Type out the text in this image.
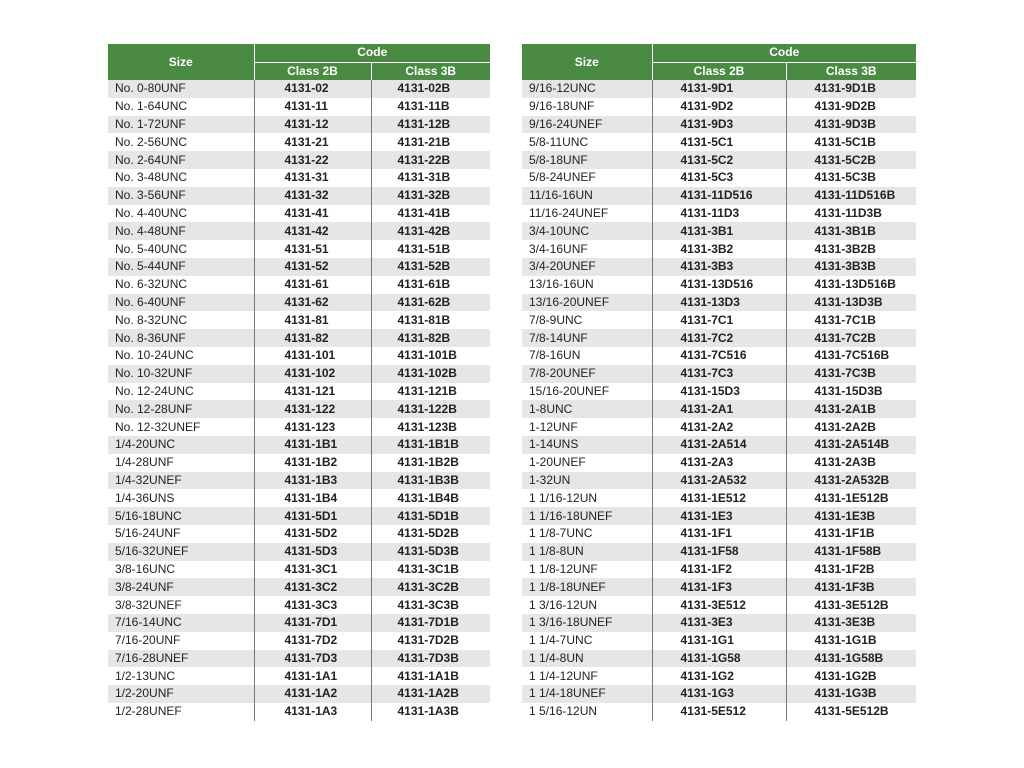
Size	Code	
	Class 2B	Class 3B
No. 0-80UNF	4131-02	4131-02B
No. 1-64UNC	4131-11	4131-11B
No. 1-72UNF	4131-12	4131-12B
No. 2-56UNC	4131-21	4131-21B
No. 2-64UNF	4131-22	4131-22B
No. 3-48UNC	4131-31	4131-31B
No. 3-56UNF	4131-32	4131-32B
No. 4-40UNC	4131-41	4131-41B
No. 4-48UNF	4131-42	4131-42B
No. 5-40UNC	4131-51	4131-51B
No. 5-44UNF	4131-52	4131-52B
No. 6-32UNC	4131-61	4131-61B
No. 6-40UNF	4131-62	4131-62B
No. 8-32UNC	4131-81	4131-81B
No. 8-36UNF	4131-82	4131-82B
No. 10-24UNC	4131-101	4131-101B
No. 10-32UNF	4131-102	4131-102B
No. 12-24UNC	4131-121	4131-121B
No. 12-28UNF	4131-122	4131-122B
No. 12-32UNEF	4131-123	4131-123B
1/4-20UNC	4131-1B1	4131-1B1B
1/4-28UNF	4131-1B2	4131-1B2B
1/4-32UNEF	4131-1B3	4131-1B3B
1/4-36UNS	4131-1B4	4131-1B4B
5/16-18UNC	4131-5D1	4131-5D1B
5/16-24UNF	4131-5D2	4131-5D2B
5/16-32UNEF	4131-5D3	4131-5D3B
3/8-16UNC	4131-3C1	4131-3C1B
3/8-24UNF	4131-3C2	4131-3C2B
3/8-32UNEF	4131-3C3	4131-3C3B
7/16-14UNC	4131-7D1	4131-7D1B
7/16-20UNF	4131-7D2	4131-7D2B
7/16-28UNEF	4131-7D3	4131-7D3B
1/2-13UNC	4131-1A1	4131-1A1B
1/2-20UNF	4131-1A2	4131-1A2B
1/2-28UNEF	4131-1A3	4131-1A3B
Size	Code	
	Class 2B	Class 3B
9/16-12UNC	4131-9D1	4131-9D1B
9/16-18UNF	4131-9D2	4131-9D2B
9/16-24UNEF	4131-9D3	4131-9D3B
5/8-11UNC	4131-5C1	4131-5C1B
5/8-18UNF	4131-5C2	4131-5C2B
5/8-24UNEF	4131-5C3	4131-5C3B
11/16-16UN	4131-11D516	4131-11D516B
11/16-24UNEF	4131-11D3	4131-11D3B
3/4-10UNC	4131-3B1	4131-3B1B
3/4-16UNF	4131-3B2	4131-3B2B
3/4-20UNEF	4131-3B3	4131-3B3B
13/16-16UN	4131-13D516	4131-13D516B
13/16-20UNEF	4131-13D3	4131-13D3B
7/8-9UNC	4131-7C1	4131-7C1B
7/8-14UNF	4131-7C2	4131-7C2B
7/8-16UN	4131-7C516	4131-7C516B
7/8-20UNEF	4131-7C3	4131-7C3B
15/16-20UNEF	4131-15D3	4131-15D3B
1-8UNC	4131-2A1	4131-2A1B
1-12UNF	4131-2A2	4131-2A2B
1-14UNS	4131-2A514	4131-2A514B
1-20UNEF	4131-2A3	4131-2A3B
1-32UN	4131-2A532	4131-2A532B
1 1/16-12UN	4131-1E512	4131-1E512B
1 1/16-18UNEF	4131-1E3	4131-1E3B
1 1/8-7UNC	4131-1F1	4131-1F1B
1 1/8-8UN	4131-1F58	4131-1F58B
1 1/8-12UNF	4131-1F2	4131-1F2B
1 1/8-18UNEF	4131-1F3	4131-1F3B
1 3/16-12UN	4131-3E512	4131-3E512B
1 3/16-18UNEF	4131-3E3	4131-3E3B
1 1/4-7UNC	4131-1G1	4131-1G1B
1 1/4-8UN	4131-1G58	4131-1G58B
1 1/4-12UNF	4131-1G2	4131-1G2B
1 1/4-18UNEF	4131-1G3	4131-1G3B
1 5/16-12UN	4131-5E512	4131-5E512B
